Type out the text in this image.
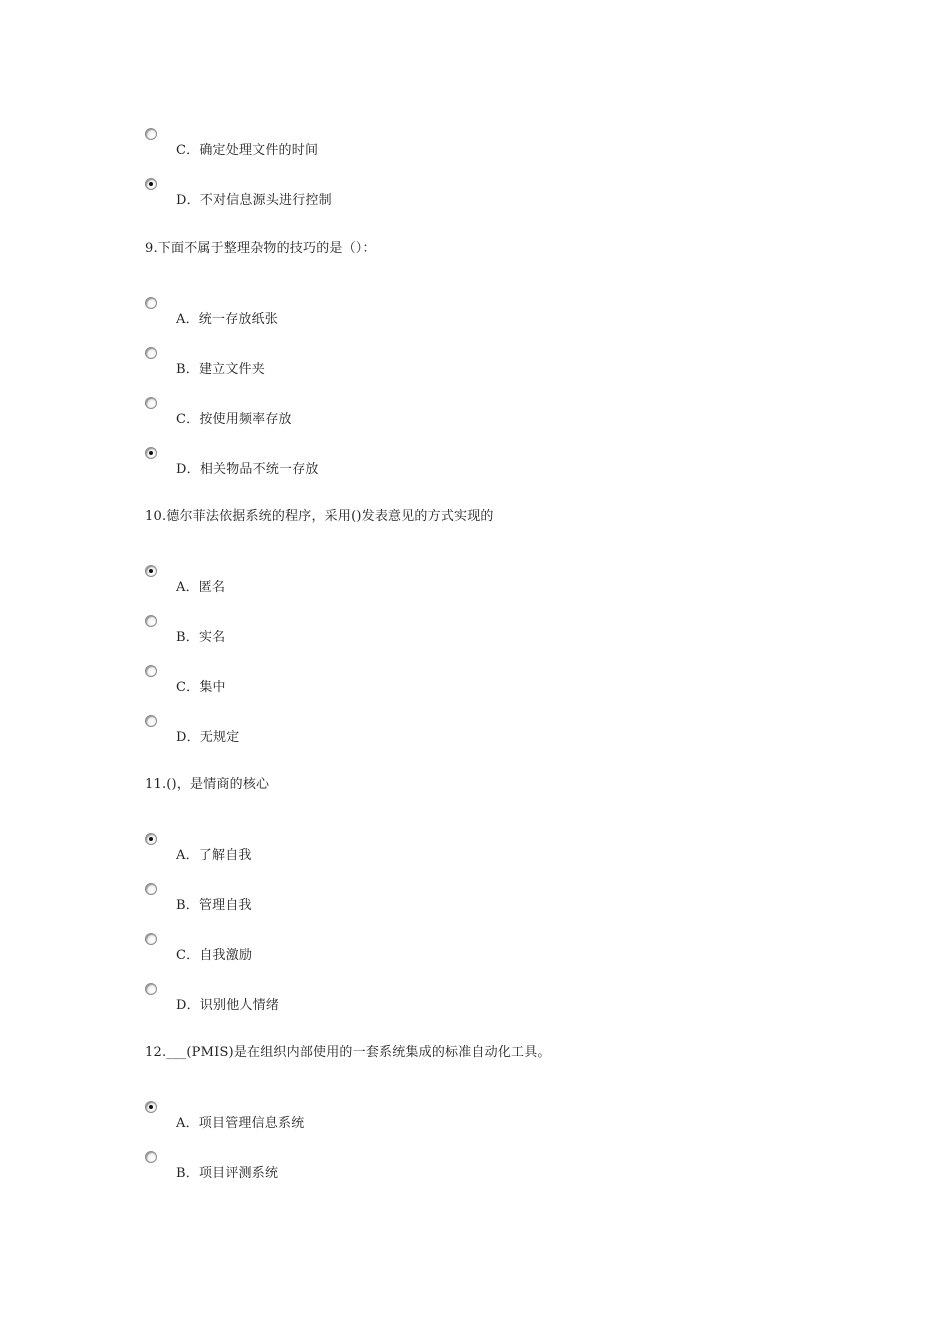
C．确定处理文件的时间
D．不对信息源头进行控制
9.下面不属于整理杂物的技巧的是（）：
A．统一存放纸张
B．建立文件夹
C．按使用频率存放
D．相关物品不统一存放
10.德尔菲法依据系统的程序，采用()发表意见的方式实现的
A．匿名
B．实名
C．集中
D．无规定
11.()，是情商的核心
A．了解自我
B．管理自我
C．自我激励
D．识别他人情绪
12.___(PMIS)是在组织内部使用的一套系统集成的标准自动化工具。
A．项目管理信息系统
B．项目评测系统
